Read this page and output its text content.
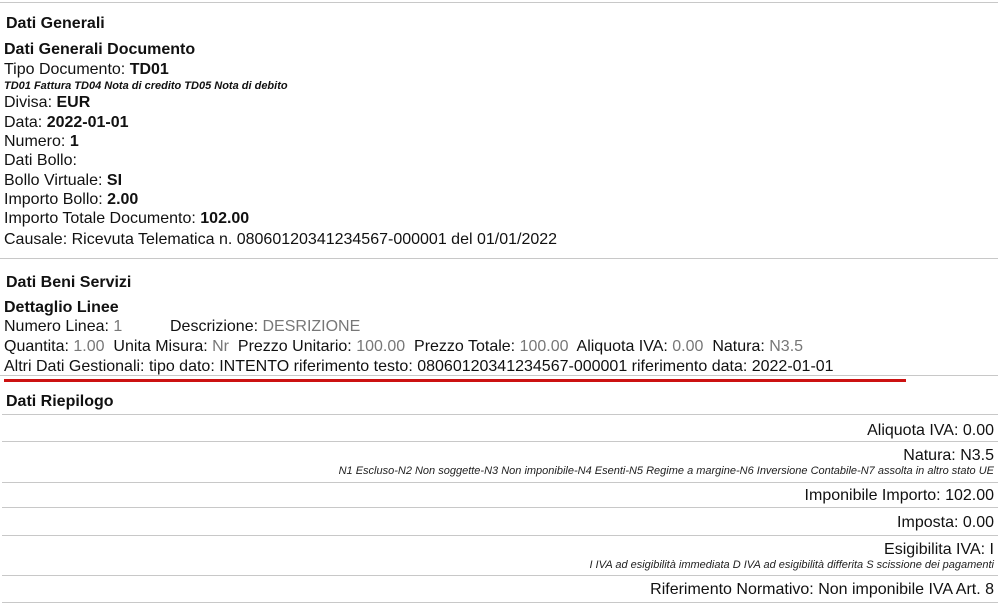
Dati Generali
Dati Generali Documento
Tipo Documento: TD01
TD01 Fattura TD04 Nota di credito TD05 Nota di debito
Divisa: EUR
Data: 2022-01-01
Numero: 1
Dati Bollo:
Bollo Virtuale: SI
Importo Bollo: 2.00
Importo Totale Documento: 102.00
Causale: Ricevuta Telematica n. 08060120341234567-000001 del 01/01/2022
Dati Beni Servizi
Dettaglio Linee
Numero Linea: 1	Descrizione: DESRIZIONE
Quantita: 1.00 Unita Misura: Nr Prezzo Unitario: 100.00 Prezzo Totale: 100.00 Aliquota IVA: 0.00 Natura: N3.5
Altri Dati Gestionali: tipo dato: INTENTO riferimento testo: 08060120341234567-000001 riferimento data: 2022-01-01
Dati Riepilogo
Aliquota IVA: 0.00
Natura: N3.5
N1 Escluso-N2 Non soggette-N3 Non imponibile-N4 Esenti-N5 Regime a margine-N6 Inversione Contabile-N7 assolta in altro stato UE
Imponibile Importo: 102.00
Imposta: 0.00
Esigibilita IVA: I
I IVA ad esigibilità immediata D IVA ad esigibilità differita S scissione dei pagamenti
Riferimento Normativo: Non imponibile IVA Art. 8
